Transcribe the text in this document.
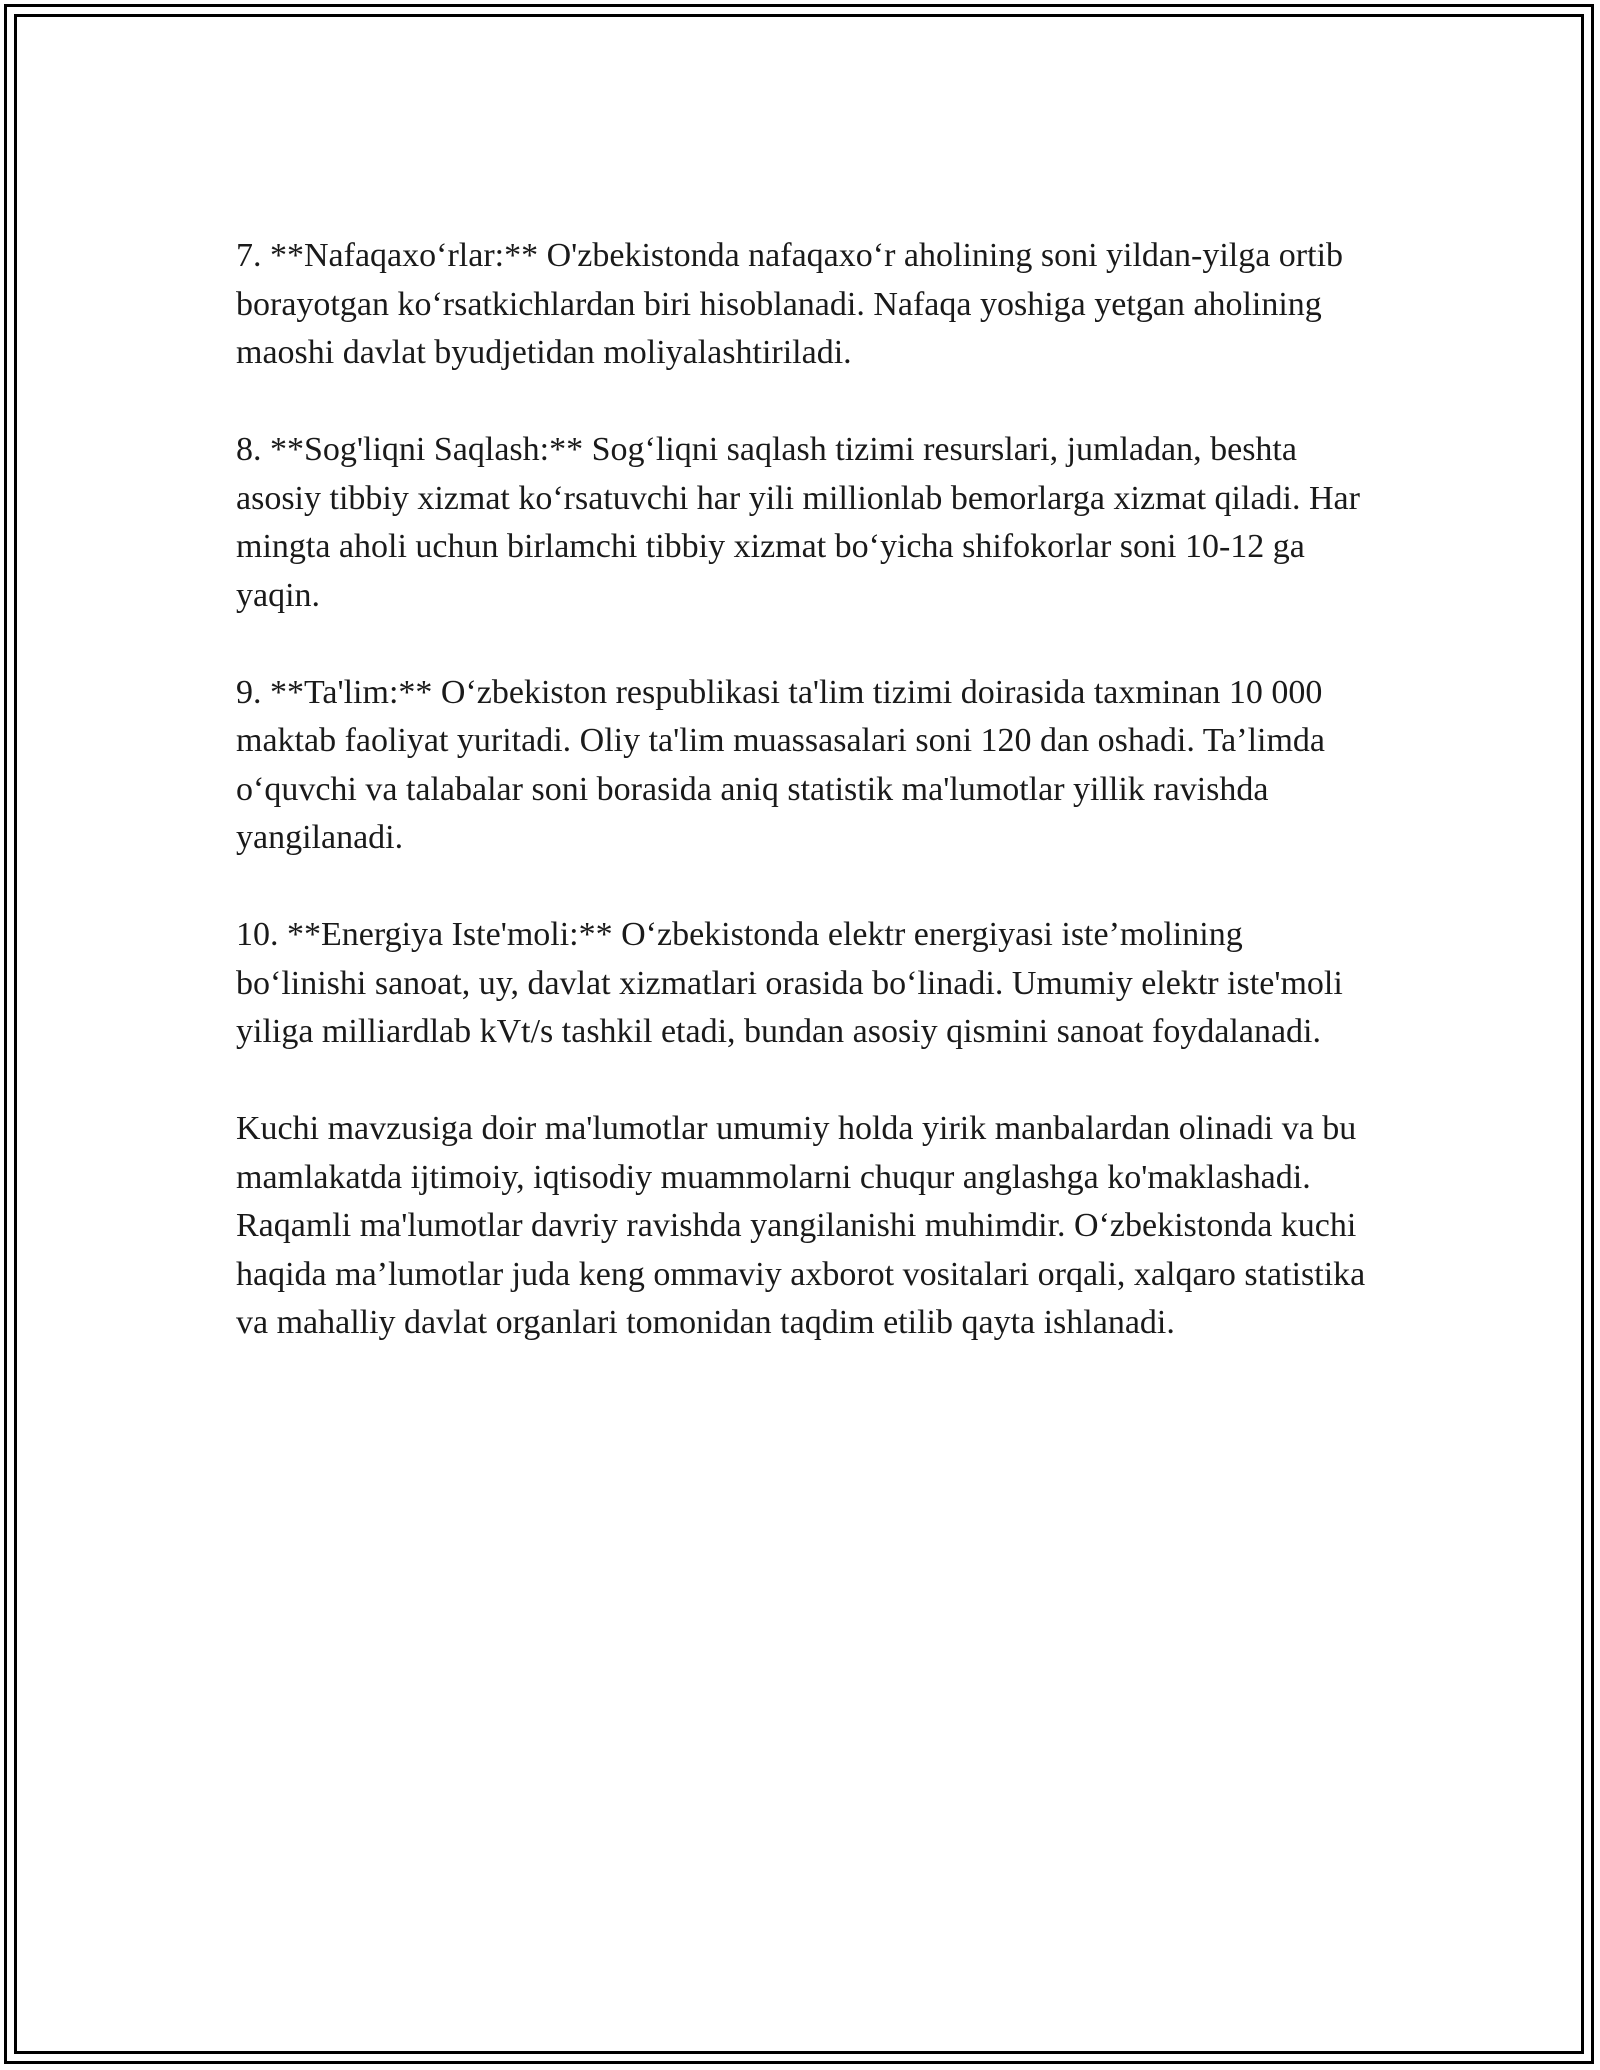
7. **Nafaqaxo‘rlar:** O'zbekistonda nafaqaxo‘r aholining soni yildan-yilga ortib borayotgan ko‘rsatkichlardan biri hisoblanadi. Nafaqa yoshiga yetgan aholining maoshi davlat byudjetidan moliyalashtiriladi.

8. **Sog'liqni Saqlash:** Sog‘liqni saqlash tizimi resurslari, jumladan, beshta asosiy tibbiy xizmat ko‘rsatuvchi har yili millionlab bemorlarga xizmat qiladi. Har mingta aholi uchun birlamchi tibbiy xizmat bo‘yicha shifokorlar soni 10-12 ga yaqin.

9. **Ta'lim:** O‘zbekiston respublikasi ta'lim tizimi doirasida taxminan 10 000 maktab faoliyat yuritadi. Oliy ta'lim muassasalari soni 120 dan oshadi. Ta’limda o‘quvchi va talabalar soni borasida aniq statistik ma'lumotlar yillik ravishda yangilanadi.

10. **Energiya Iste'moli:** O‘zbekistonda elektr energiyasi iste’molining bo‘linishi sanoat, uy, davlat xizmatlari orasida bo‘linadi. Umumiy elektr iste'moli yiliga milliardlab kVt/s tashkil etadi, bundan asosiy qismini sanoat foydalanadi.

Kuchi mavzusiga doir ma'lumotlar umumiy holda yirik manbalardan olinadi va bu mamlakatda ijtimoiy, iqtisodiy muammolarni chuqur anglashga ko'maklashadi. Raqamli ma'lumotlar davriy ravishda yangilanishi muhimdir. O‘zbekistonda kuchi haqida ma’lumotlar juda keng ommaviy axborot vositalari orqali, xalqaro statistika va mahalliy davlat organlari tomonidan taqdim etilib qayta ishlanadi.
